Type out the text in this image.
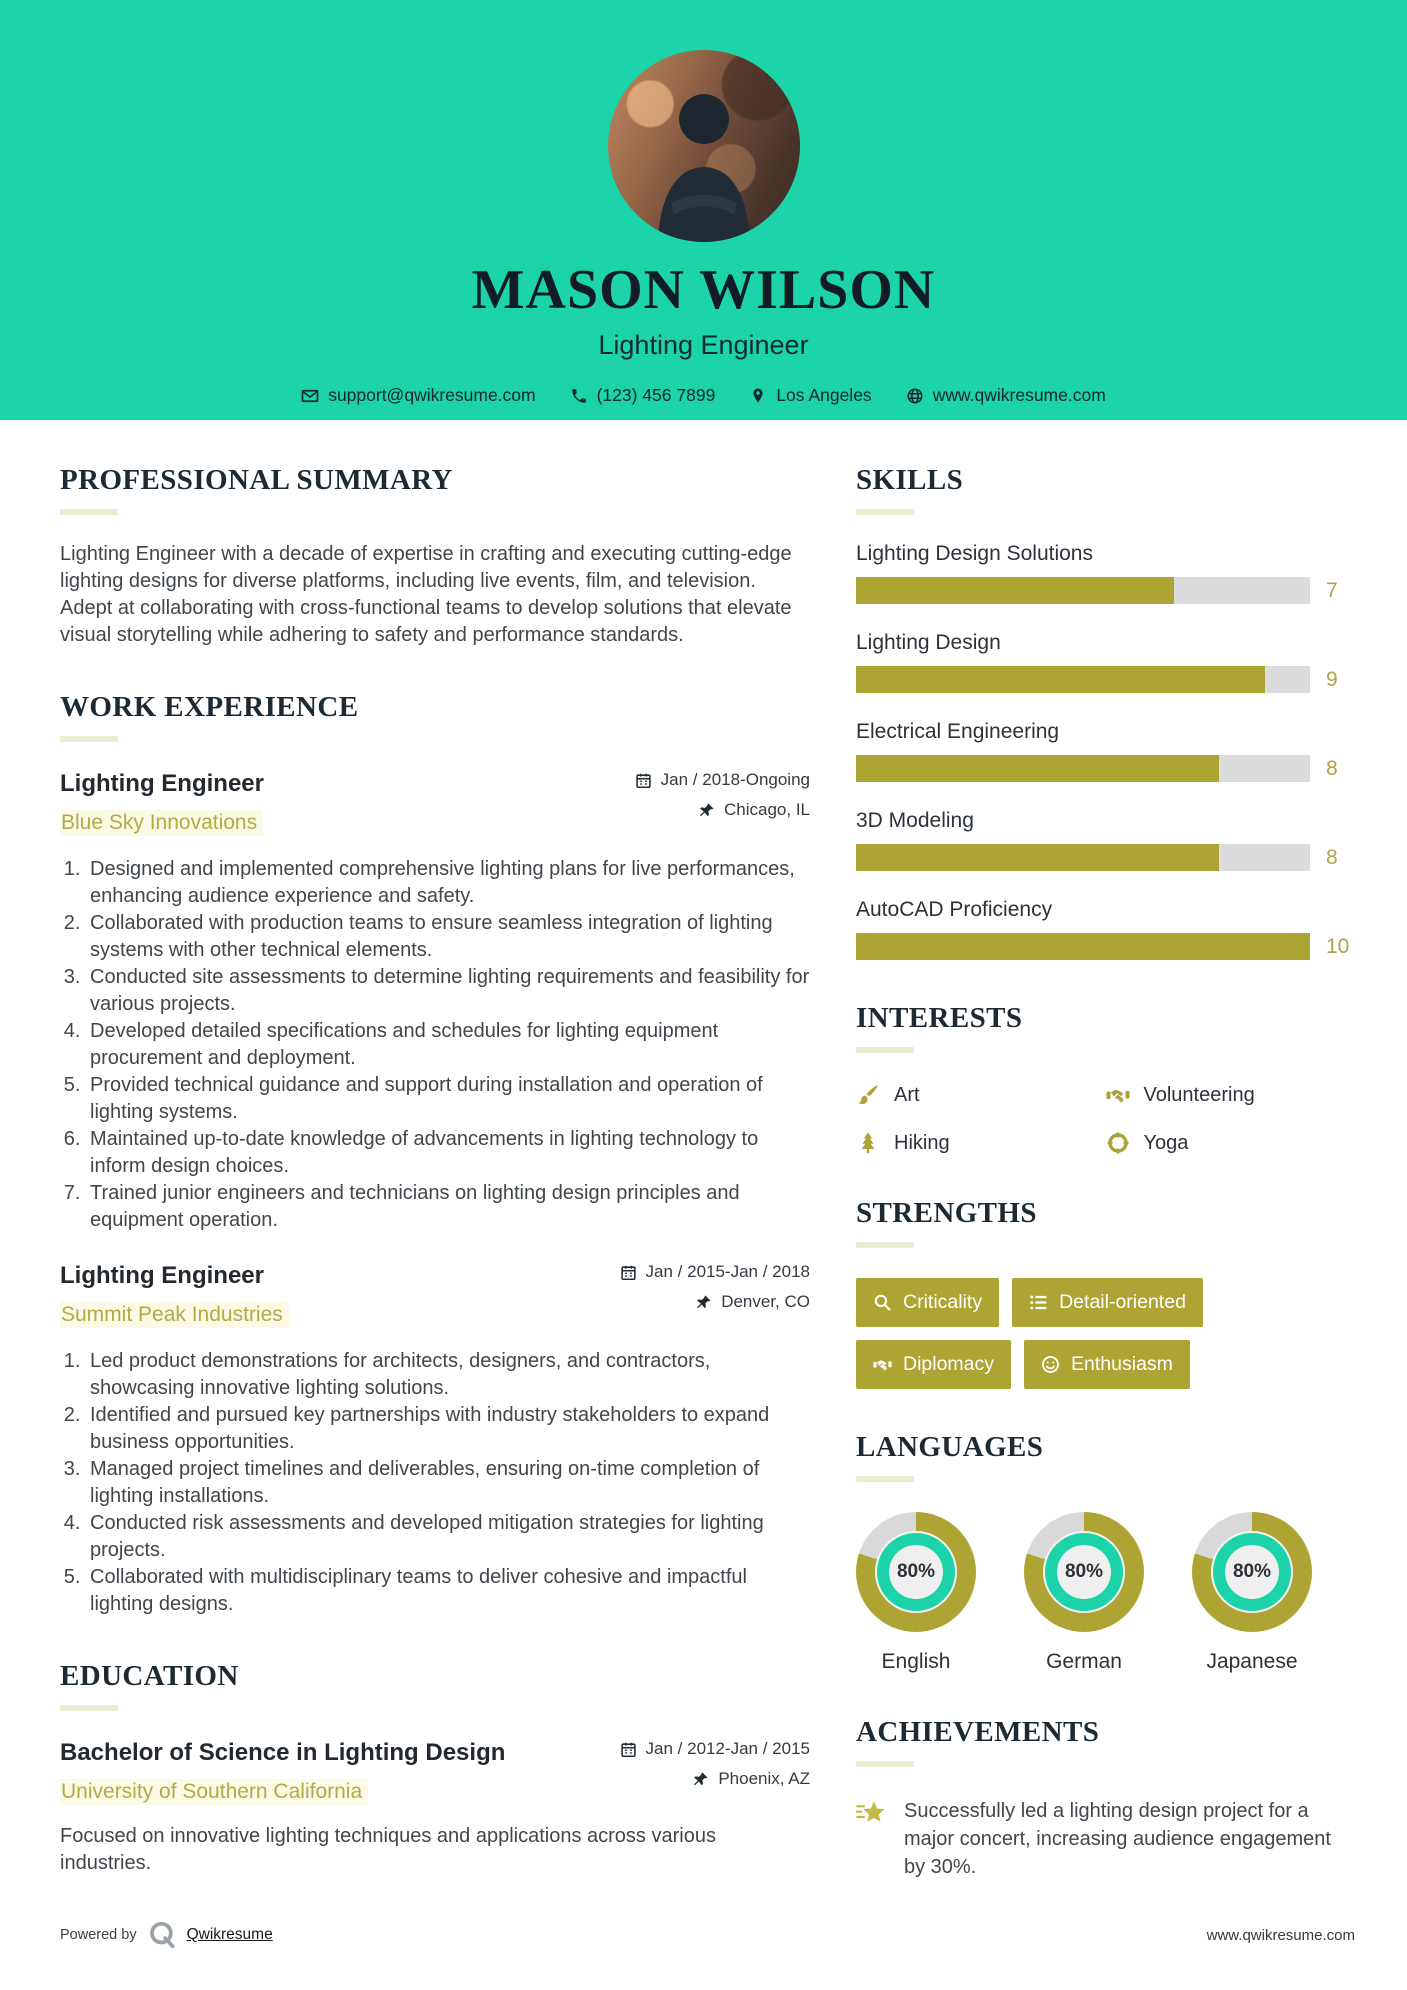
MASON WILSON
Lighting Engineer
support@qwikresume.com	(123) 456 7899	Los Angeles	www.qwikresume.com
PROFESSIONAL SUMMARY

Lighting Engineer with a decade of expertise in crafting and executing cutting-edge lighting designs for diverse platforms, including live events, film, and television. Adept at collaborating with cross-functional teams to develop solutions that elevate visual storytelling while adhering to safety and performance standards.

WORK EXPERIENCE
Lighting Engineer
Blue Sky Innovations
Jan / 2018-Ongoing
Chicago, IL
1. Designed and implemented comprehensive lighting plans for live performances, enhancing audience experience and safety.
2. Collaborated with production teams to ensure seamless integration of lighting systems with other technical elements.
3. Conducted site assessments to determine lighting requirements and feasibility for various projects.
4. Developed detailed specifications and schedules for lighting equipment procurement and deployment.
5. Provided technical guidance and support during installation and operation of lighting systems.
6. Maintained up-to-date knowledge of advancements in lighting technology to inform design choices.
7. Trained junior engineers and technicians on lighting design principles and equipment operation.
Lighting Engineer
Summit Peak Industries
Jan / 2015-Jan / 2018
Denver, CO
1. Led product demonstrations for architects, designers, and contractors, showcasing innovative lighting solutions.
2. Identified and pursued key partnerships with industry stakeholders to expand business opportunities.
3. Managed project timelines and deliverables, ensuring on-time completion of lighting installations.
4. Conducted risk assessments and developed mitigation strategies for lighting projects.
5. Collaborated with multidisciplinary teams to deliver cohesive and impactful lighting designs.
EDUCATION
Bachelor of Science in Lighting Design
University of Southern California
Jan / 2012-Jan / 2015
Phoenix, AZ

Focused on innovative lighting techniques and applications across various industries.

SKILLS
Lighting Design Solutions
7
Lighting Design
9
Electrical Engineering
8
3D Modeling
8
AutoCAD Proficiency
10
INTERESTS
Art	Volunteering
Hiking	Yoga
STRENGTHS
Criticality	Detail-oriented
Diplomacy	Enthusiasm
LANGUAGES
80%
English
80%
German
80%
Japanese
ACHIEVEMENTS

Successfully led a lighting design project for a major concert, increasing audience engagement by 30%.

Powered by	Qwikresume	www.qwikresume.com
